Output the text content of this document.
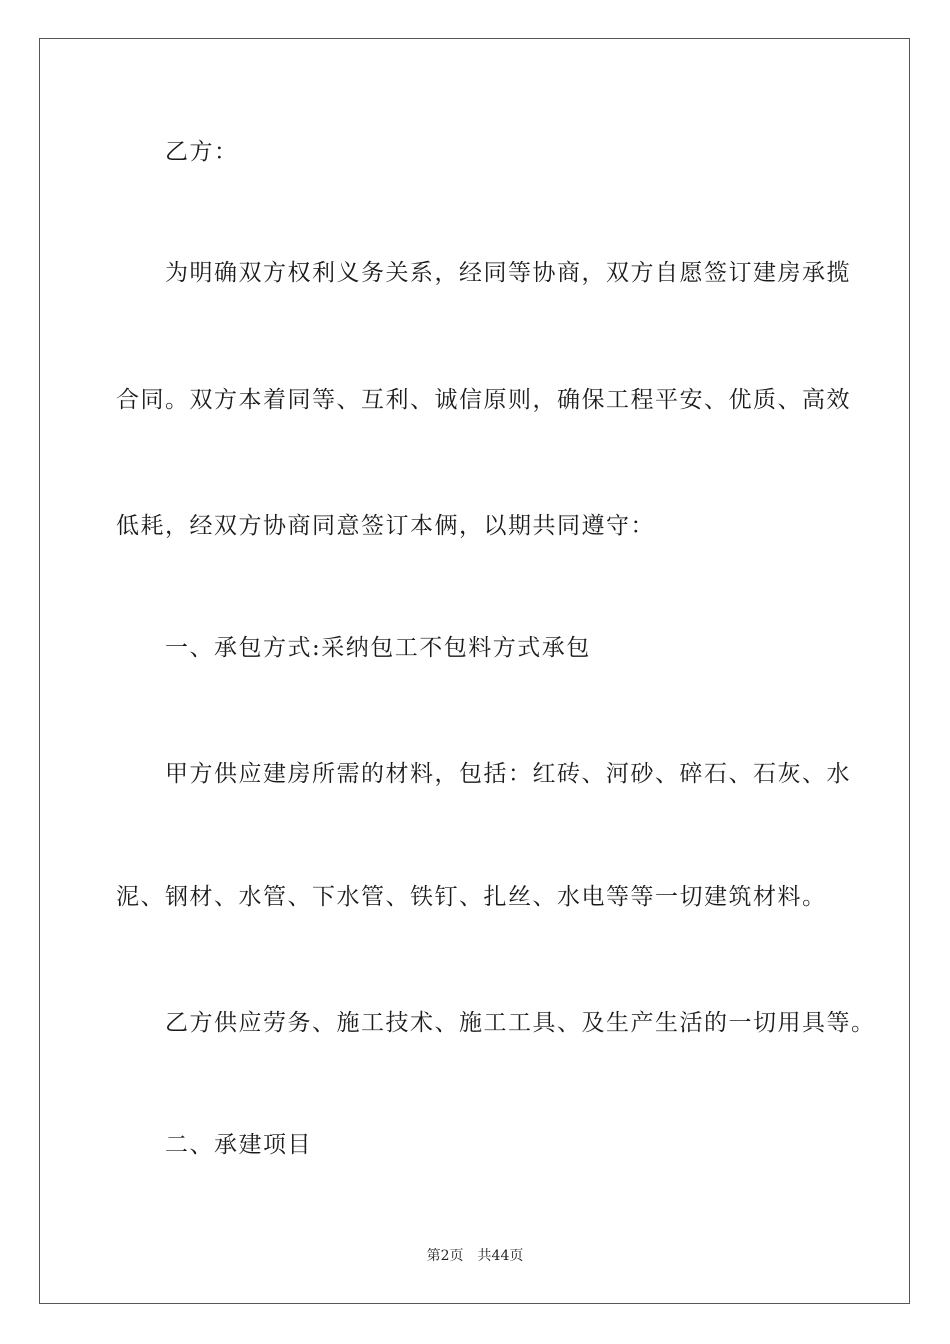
乙方：
为明确双方权利义务关系，经同等协商，双方自愿签订建房承揽
合同。双方本着同等、互利、诚信原则，确保工程平安、优质、高效
低耗，经双方协商同意签订本俩，以期共同遵守：
一、承包方式:采纳包工不包料方式承包
甲方供应建房所需的材料，包括：红砖、河砂、碎石、石灰、水
泥、钢材、水管、下水管、铁钉、扎丝、水电等等一切建筑材料。
乙方供应劳务、施工技术、施工工具、及生产生活的一切用具等。
二、承建项目
第2页 共44页
